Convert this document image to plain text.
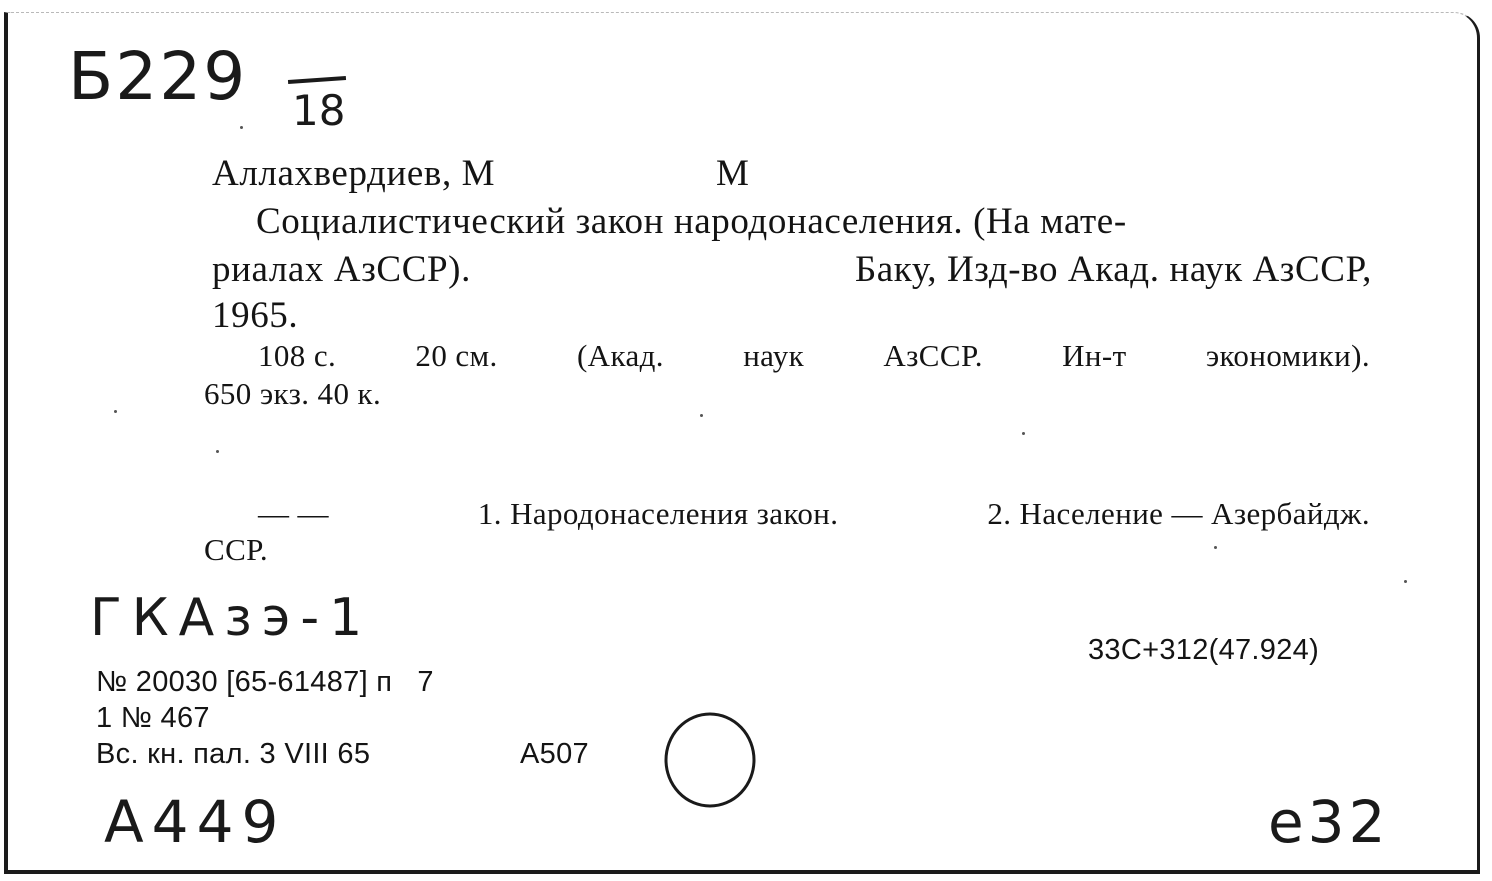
Б229 18
Аллахвердиев, М	М
Социалистический закон народонаселения. (На мате-
риалах АзССР).	Баку, Изд-во Акад. наук АзССР,
1965.
108 с.	20 см.	(Акад.	наук	АзССР.	Ин-т	экономики).
650 экз. 40 к.
— —	1. Народонаселения закон.	2. Население — Азербайдж.
ССР.
ГКАзэ-1
33С+312(47.924)
№ 20030 [65-61487] п   7
1 № 467
Вс. кн. пал. 3 VIII 65	А507
А449	е32
